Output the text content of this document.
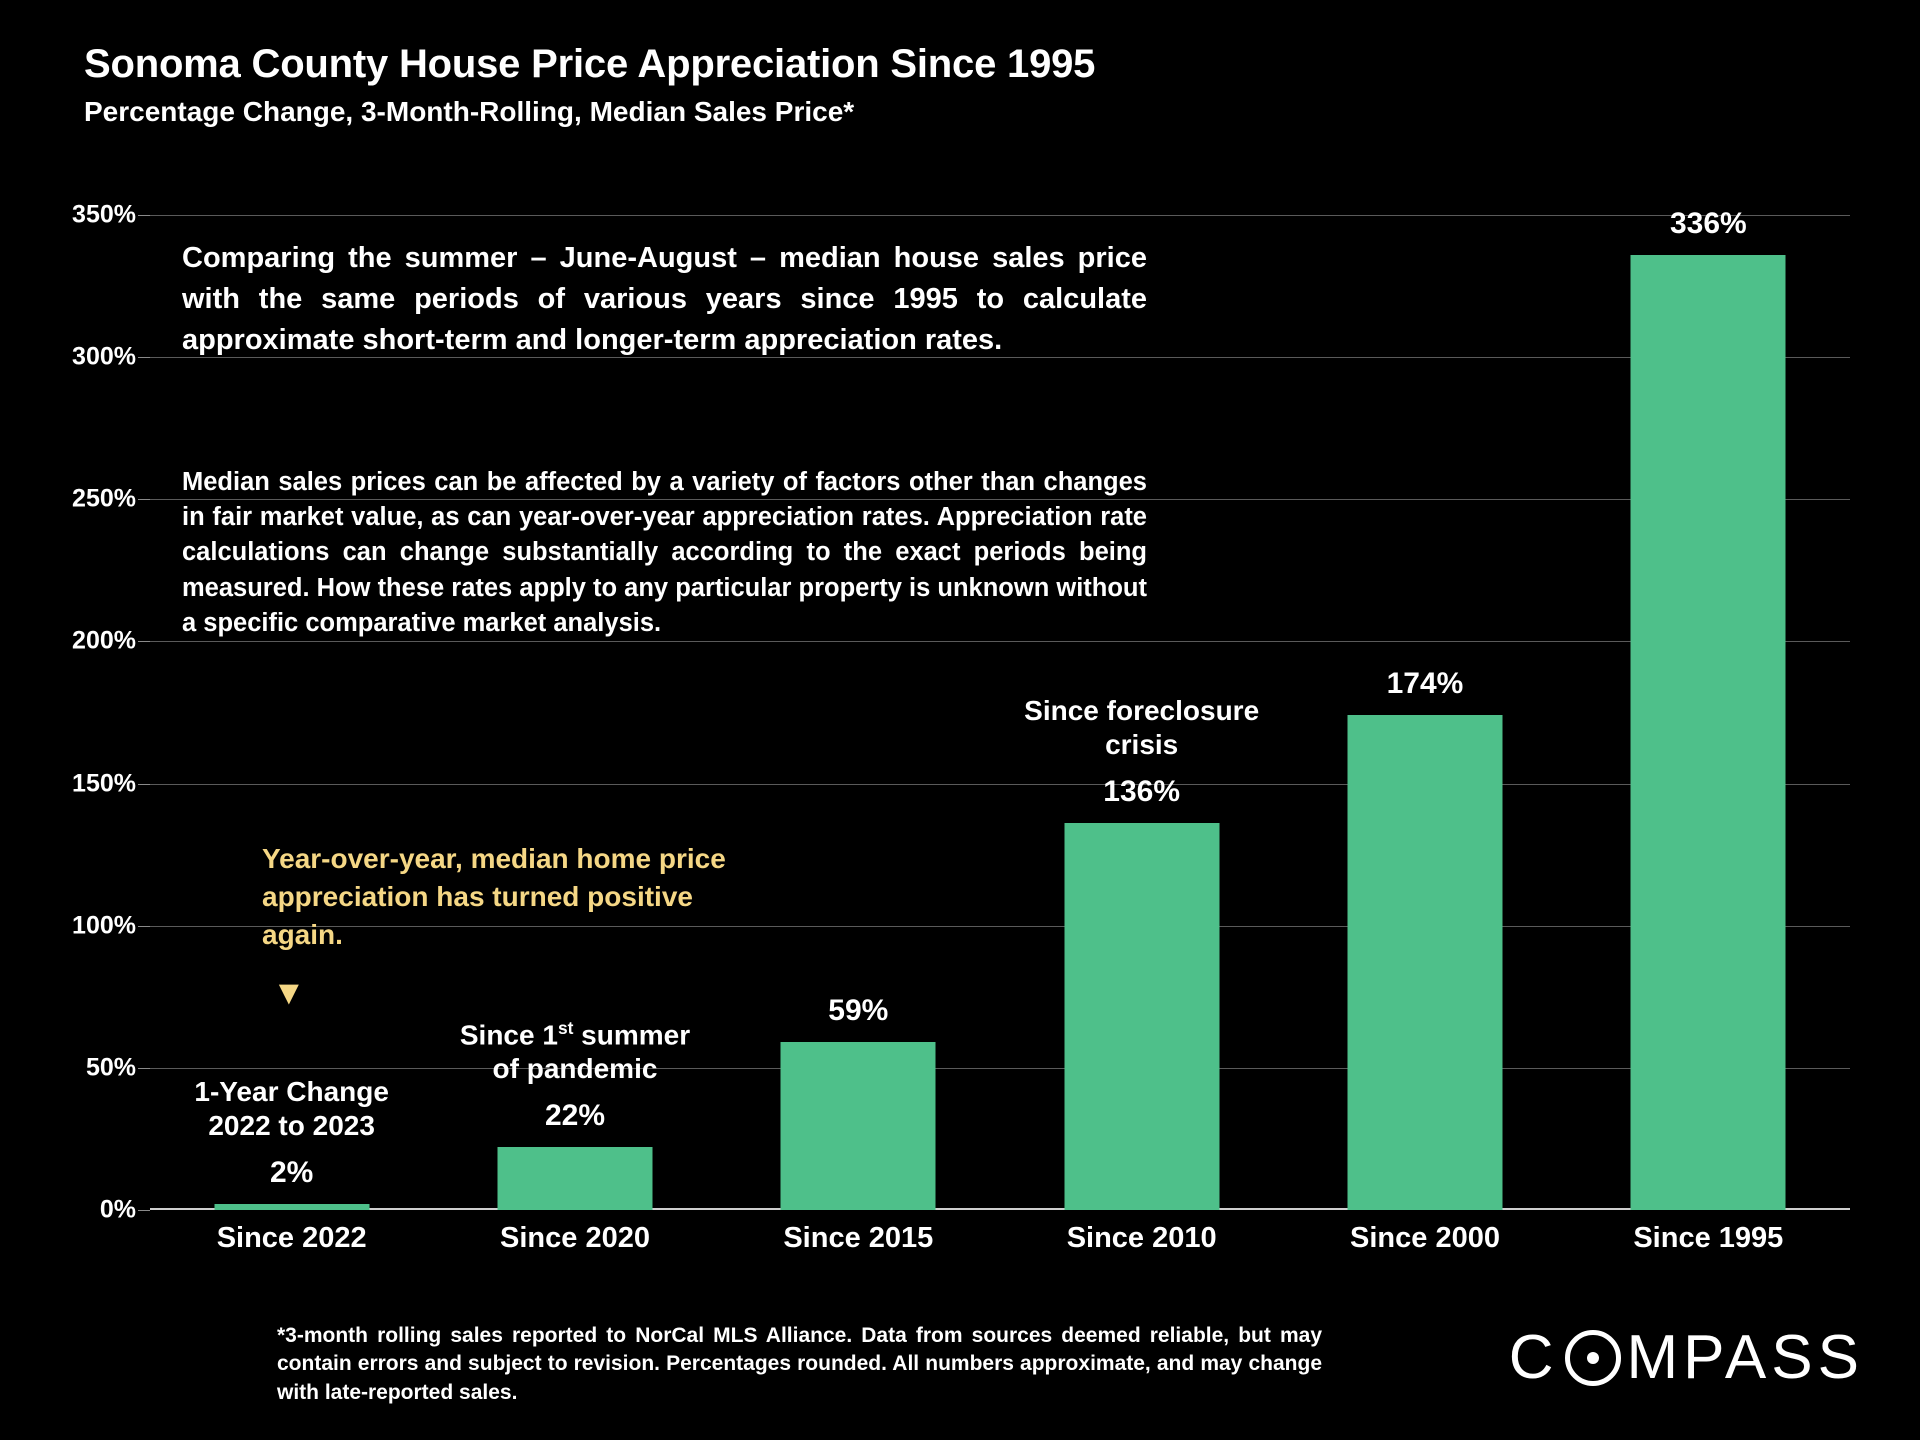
Sonoma County House Price Appreciation Since 1995
Percentage Change, 3-Month-Rolling, Median Sales Price*
0%
50%
100%
150%
200%
250%
300%
350%
2%
1-Year Change
2022 to 2023	22%
Since 1st summer
of pandemic
59%
136%
Since foreclosure
crisis
174%
336%
Since 2022	Since 2020	Since 2015	Since 2010	Since 2000	Since 1995
Comparing the summer – June-August – median house sales price with the same periods of various years since 1995 to calculate approximate short-term and longer-term appreciation rates.
Median sales prices can be affected by a variety of factors other than changes in fair market value, as can year-over-year appreciation rates. Appreciation rate calculations can change substantially according to the exact periods being measured. How these rates apply to any particular property is unknown without a specific comparative market analysis.
Year-over-year, median home price appreciation has turned positive again.
▼
*3-month rolling sales reported to NorCal MLS Alliance. Data from sources deemed reliable, but may contain errors and subject to revision. Percentages rounded. All numbers approximate, and may change with late-reported sales.
C MPASS
